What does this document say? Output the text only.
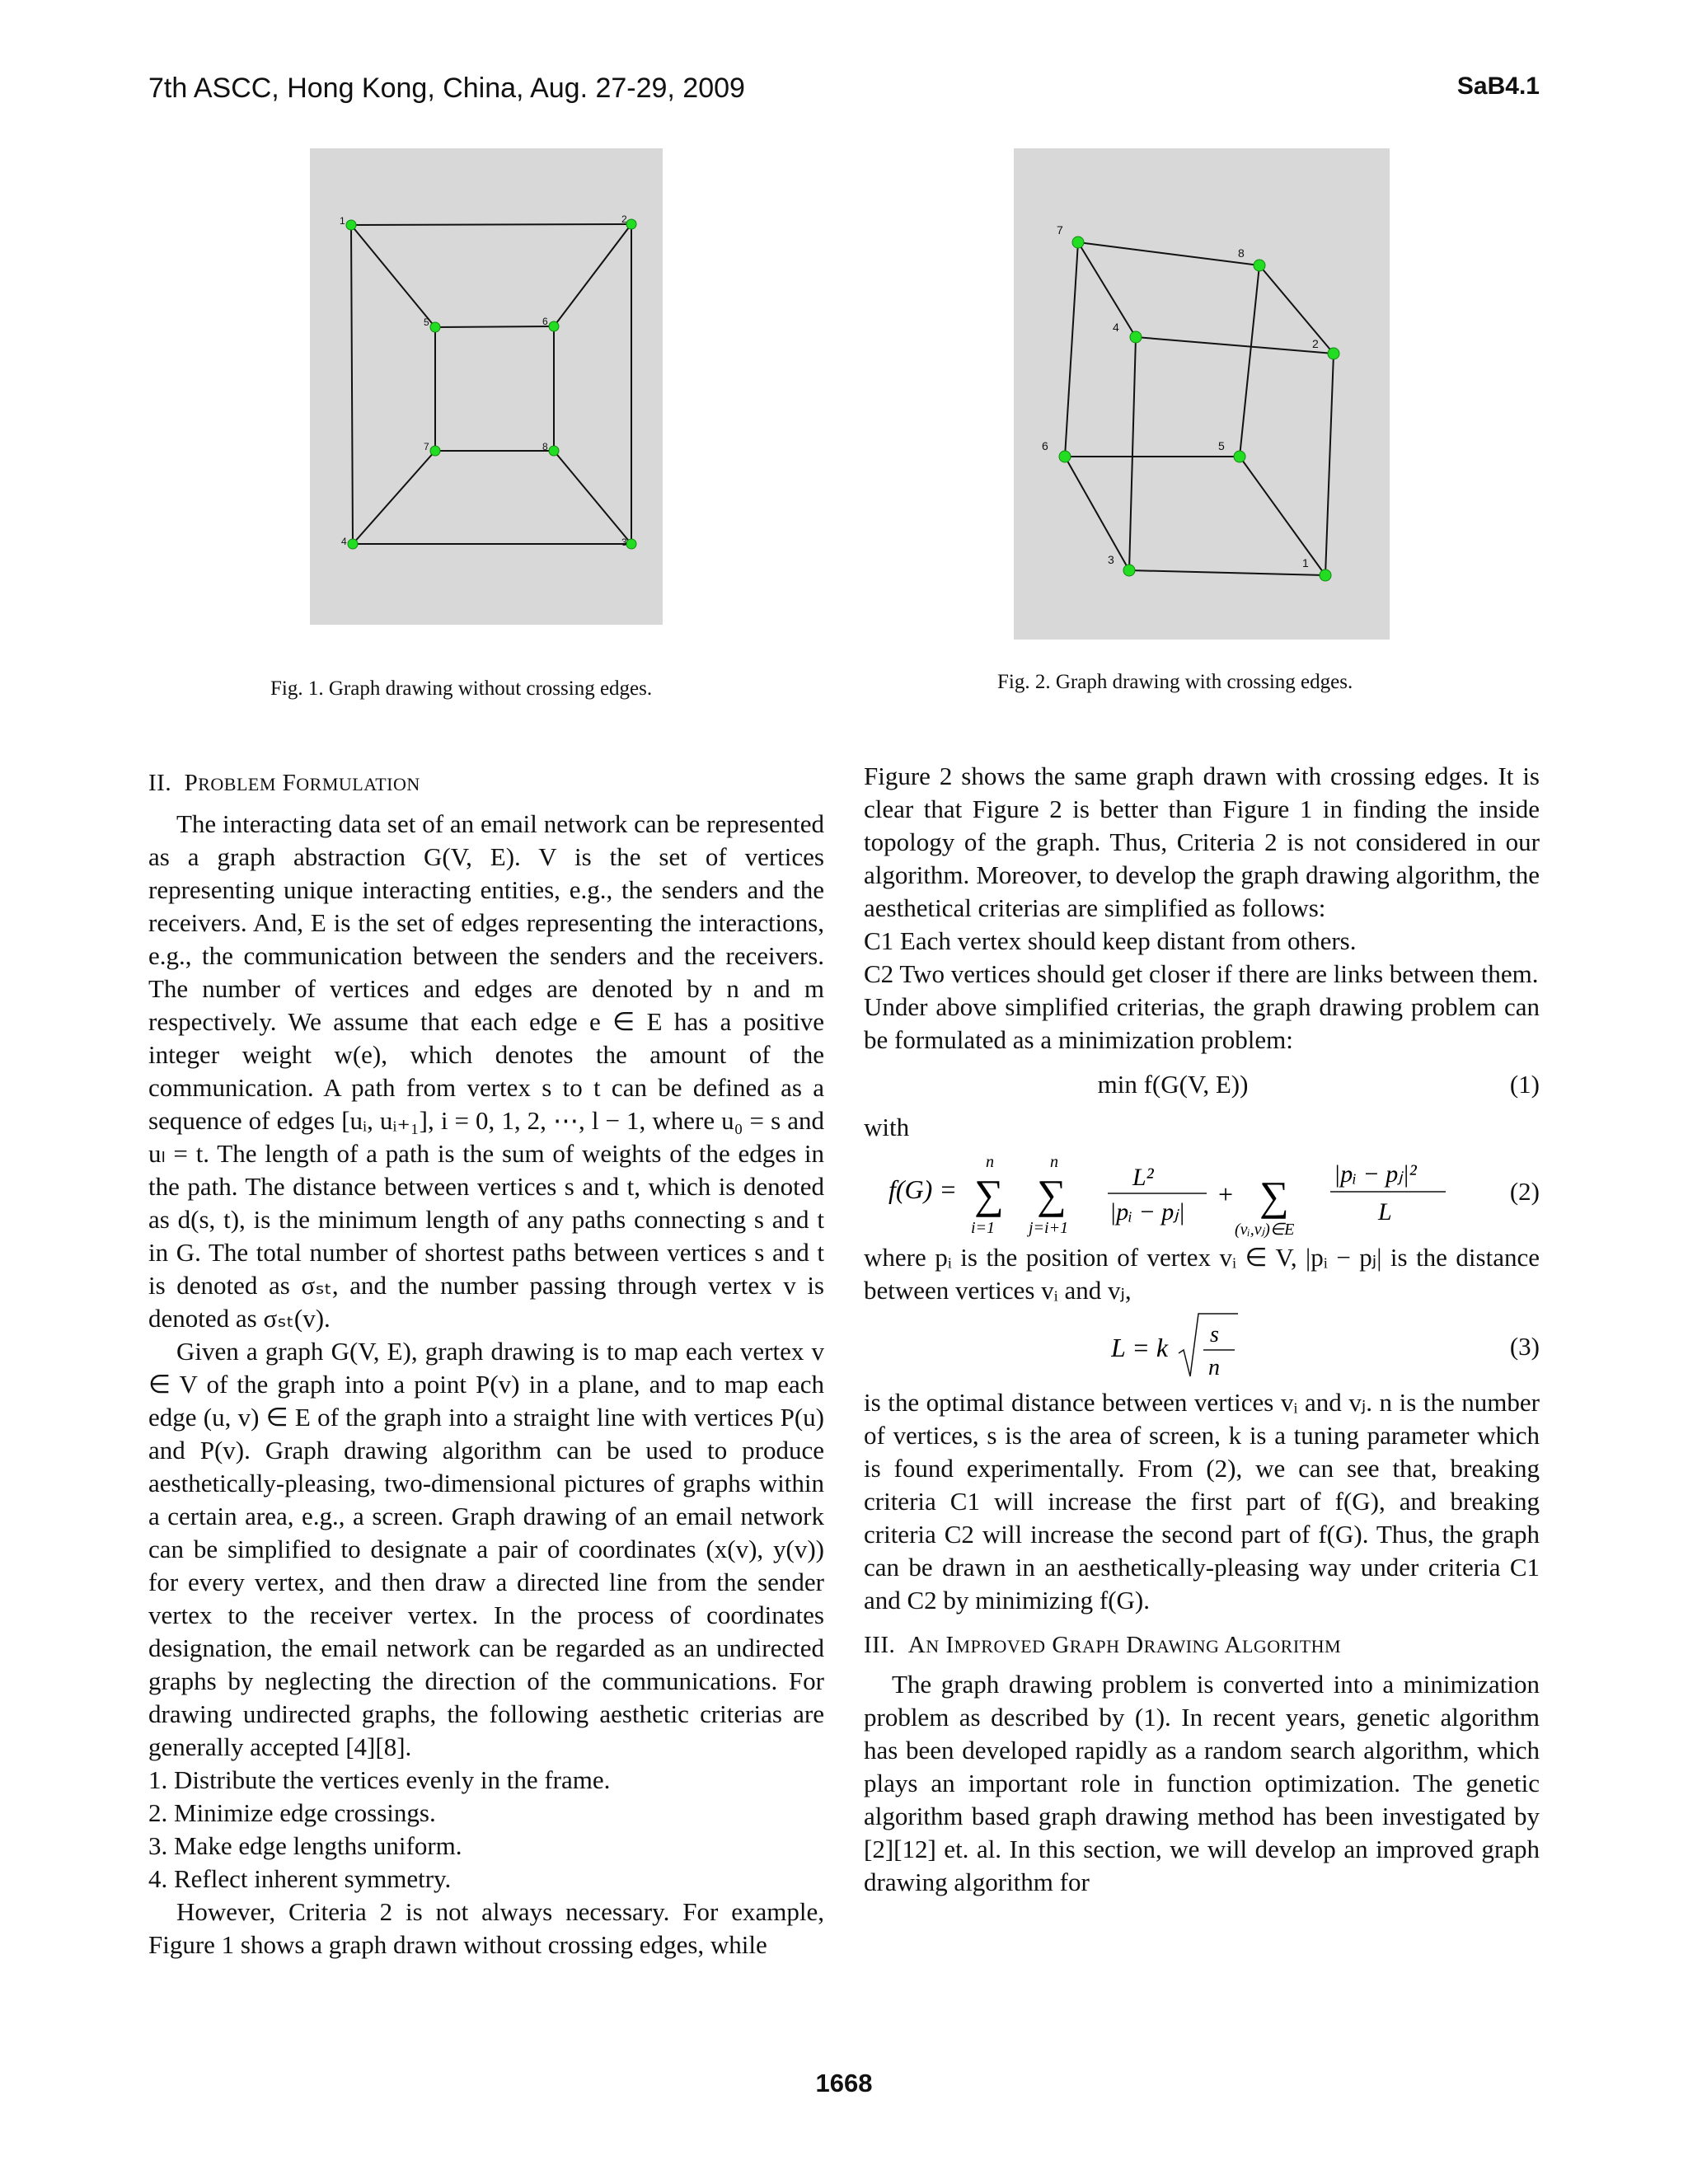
7th ASCC, Hong Kong, China, Aug. 27-29, 2009	SaB4.1
1	2
5	6
7	8
4	3
Fig. 1. Graph drawing without crossing edges.
7
8
4
2
6	5
3	1
Fig. 2. Graph drawing with crossing edges.

II. PROBLEM FORMULATION

The interacting data set of an email network can be represented as a graph abstraction G(V, E). V is the set of vertices representing unique interacting entities, e.g., the senders and the receivers. And, E is the set of edges representing the interactions, e.g., the communication between the senders and the receivers. The number of vertices and edges are denoted by n and m respectively. We assume that each edge e ∈ E has a positive integer weight w(e), which denotes the amount of the communication. A path from vertex s to t can be defined as a sequence of edges [uᵢ, uᵢ₊₁], i = 0, 1, 2, ⋯, l − 1, where u₀ = s and uₗ = t. The length of a path is the sum of weights of the edges in the path. The distance between vertices s and t, which is denoted as d(s, t), is the minimum length of any paths connecting s and t in G. The total number of shortest paths between vertices s and t is denoted as σₛₜ, and the number passing through vertex v is denoted as σₛₜ(v).

Given a graph G(V, E), graph drawing is to map each vertex v ∈ V of the graph into a point P(v) in a plane, and to map each edge (u, v) ∈ E of the graph into a straight line with vertices P(u) and P(v). Graph drawing algorithm can be used to produce aesthetically-pleasing, two-dimensional pictures of graphs within a certain area, e.g., a screen. Graph drawing of an email network can be simplified to designate a pair of coordinates (x(v), y(v)) for every vertex, and then draw a directed line from the sender vertex to the receiver vertex. In the process of coordinates designation, the email network can be regarded as an undirected graphs by neglecting the direction of the communications. For drawing undirected graphs, the following aesthetic criterias are generally accepted [4][8].

1. Distribute the vertices evenly in the frame.

2. Minimize edge crossings.

3. Make edge lengths uniform.

4. Reflect inherent symmetry.

However, Criteria 2 is not always necessary. For example, Figure 1 shows a graph drawn without crossing edges, while

Figure 2 shows the same graph drawn with crossing edges. It is clear that Figure 2 is better than Figure 1 in finding the inside topology of the graph. Thus, Criteria 2 is not considered in our algorithm. Moreover, to develop the graph drawing algorithm, the aesthetical criterias are simplified as follows:

C1 Each vertex should keep distant from others.

C2 Two vertices should get closer if there are links between them.

Under above simplified criterias, the graph drawing problem can be formulated as a minimization problem:

min f(G(V, E))	(1)

with

f(G) =
n
∑
i=1
n
∑
j=i+1
L²
|pᵢ − pⱼ|
+ ∑
(vᵢ,vⱼ)∈E
|pᵢ − pⱼ|²
L
(2)

where pᵢ is the position of vertex vᵢ ∈ V, |pᵢ − pⱼ| is the distance between vertices vᵢ and vⱼ,

L = k s
n
(3)

is the optimal distance between vertices vᵢ and vⱼ. n is the number of vertices, s is the area of screen, k is a tuning parameter which is found experimentally. From (2), we can see that, breaking criteria C1 will increase the first part of f(G), and breaking criteria C2 will increase the second part of f(G). Thus, the graph can be drawn in an aesthetically-pleasing way under criteria C1 and C2 by minimizing f(G).

III. AN IMPROVED GRAPH DRAWING ALGORITHM

The graph drawing problem is converted into a minimization problem as described by (1). In recent years, genetic algorithm has been developed rapidly as a random search algorithm, which plays an important role in function optimization. The genetic algorithm based graph drawing method has been investigated by [2][12] et. al. In this section, we will develop an improved graph drawing algorithm for

1668
